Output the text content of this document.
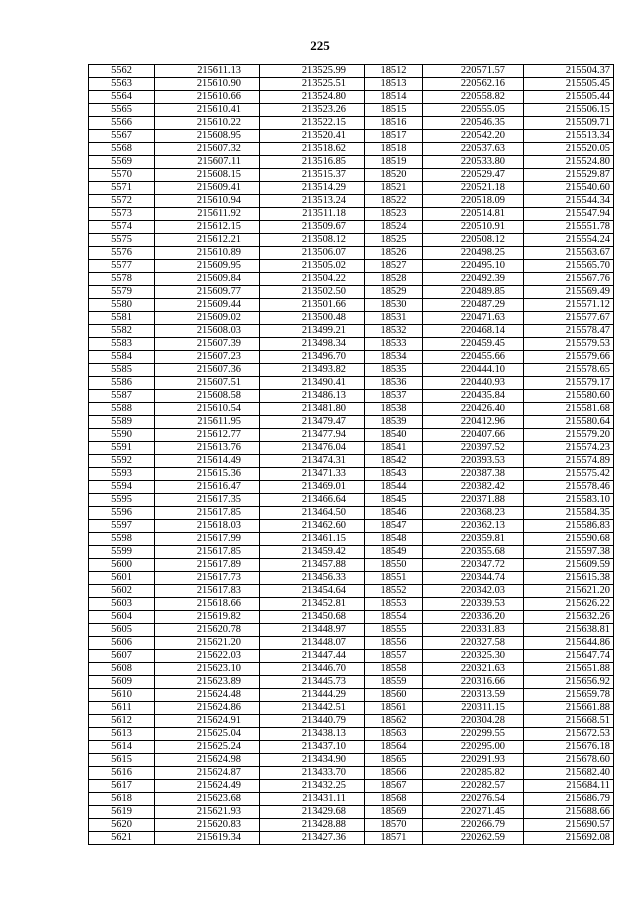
225
5562	215611.13	213525.99	18512	220571.57	215504.37
5563	215610.90	213525.51	18513	220562.16	215505.45
5564	215610.66	213524.80	18514	220558.82	215505.44
5565	215610.41	213523.26	18515	220555.05	215506.15
5566	215610.22	213522.15	18516	220546.35	215509.71
5567	215608.95	213520.41	18517	220542.20	215513.34
5568	215607.32	213518.62	18518	220537.63	215520.05
5569	215607.11	213516.85	18519	220533.80	215524.80
5570	215608.15	213515.37	18520	220529.47	215529.87
5571	215609.41	213514.29	18521	220521.18	215540.60
5572	215610.94	213513.24	18522	220518.09	215544.34
5573	215611.92	213511.18	18523	220514.81	215547.94
5574	215612.15	213509.67	18524	220510.91	215551.78
5575	215612.21	213508.12	18525	220508.12	215554.24
5576	215610.89	213506.07	18526	220498.25	215563.67
5577	215609.95	213505.02	18527	220495.10	215565.70
5578	215609.84	213504.22	18528	220492.39	215567.76
5579	215609.77	213502.50	18529	220489.85	215569.49
5580	215609.44	213501.66	18530	220487.29	215571.12
5581	215609.02	213500.48	18531	220471.63	215577.67
5582	215608.03	213499.21	18532	220468.14	215578.47
5583	215607.39	213498.34	18533	220459.45	215579.53
5584	215607.23	213496.70	18534	220455.66	215579.66
5585	215607.36	213493.82	18535	220444.10	215578.65
5586	215607.51	213490.41	18536	220440.93	215579.17
5587	215608.58	213486.13	18537	220435.84	215580.60
5588	215610.54	213481.80	18538	220426.40	215581.68
5589	215611.95	213479.47	18539	220412.96	215580.64
5590	215612.77	213477.94	18540	220407.66	215579.20
5591	215613.76	213476.04	18541	220397.52	215574.23
5592	215614.49	213474.31	18542	220393.53	215574.89
5593	215615.36	213471.33	18543	220387.38	215575.42
5594	215616.47	213469.01	18544	220382.42	215578.46
5595	215617.35	213466.64	18545	220371.88	215583.10
5596	215617.85	213464.50	18546	220368.23	215584.35
5597	215618.03	213462.60	18547	220362.13	215586.83
5598	215617.99	213461.15	18548	220359.81	215590.68
5599	215617.85	213459.42	18549	220355.68	215597.38
5600	215617.89	213457.88	18550	220347.72	215609.59
5601	215617.73	213456.33	18551	220344.74	215615.38
5602	215617.83	213454.64	18552	220342.03	215621.20
5603	215618.66	213452.81	18553	220339.53	215626.22
5604	215619.82	213450.68	18554	220336.20	215632.26
5605	215620.78	213448.97	18555	220331.83	215638.81
5606	215621.20	213448.07	18556	220327.58	215644.86
5607	215622.03	213447.44	18557	220325.30	215647.74
5608	215623.10	213446.70	18558	220321.63	215651.88
5609	215623.89	213445.73	18559	220316.66	215656.92
5610	215624.48	213444.29	18560	220313.59	215659.78
5611	215624.86	213442.51	18561	220311.15	215661.88
5612	215624.91	213440.79	18562	220304.28	215668.51
5613	215625.04	213438.13	18563	220299.55	215672.53
5614	215625.24	213437.10	18564	220295.00	215676.18
5615	215624.98	213434.90	18565	220291.93	215678.60
5616	215624.87	213433.70	18566	220285.82	215682.40
5617	215624.49	213432.25	18567	220282.57	215684.11
5618	215623.68	213431.11	18568	220276.54	215686.79
5619	215621.93	213429.68	18569	220271.45	215688.66
5620	215620.83	213428.88	18570	220266.79	215690.57
5621	215619.34	213427.36	18571	220262.59	215692.08
